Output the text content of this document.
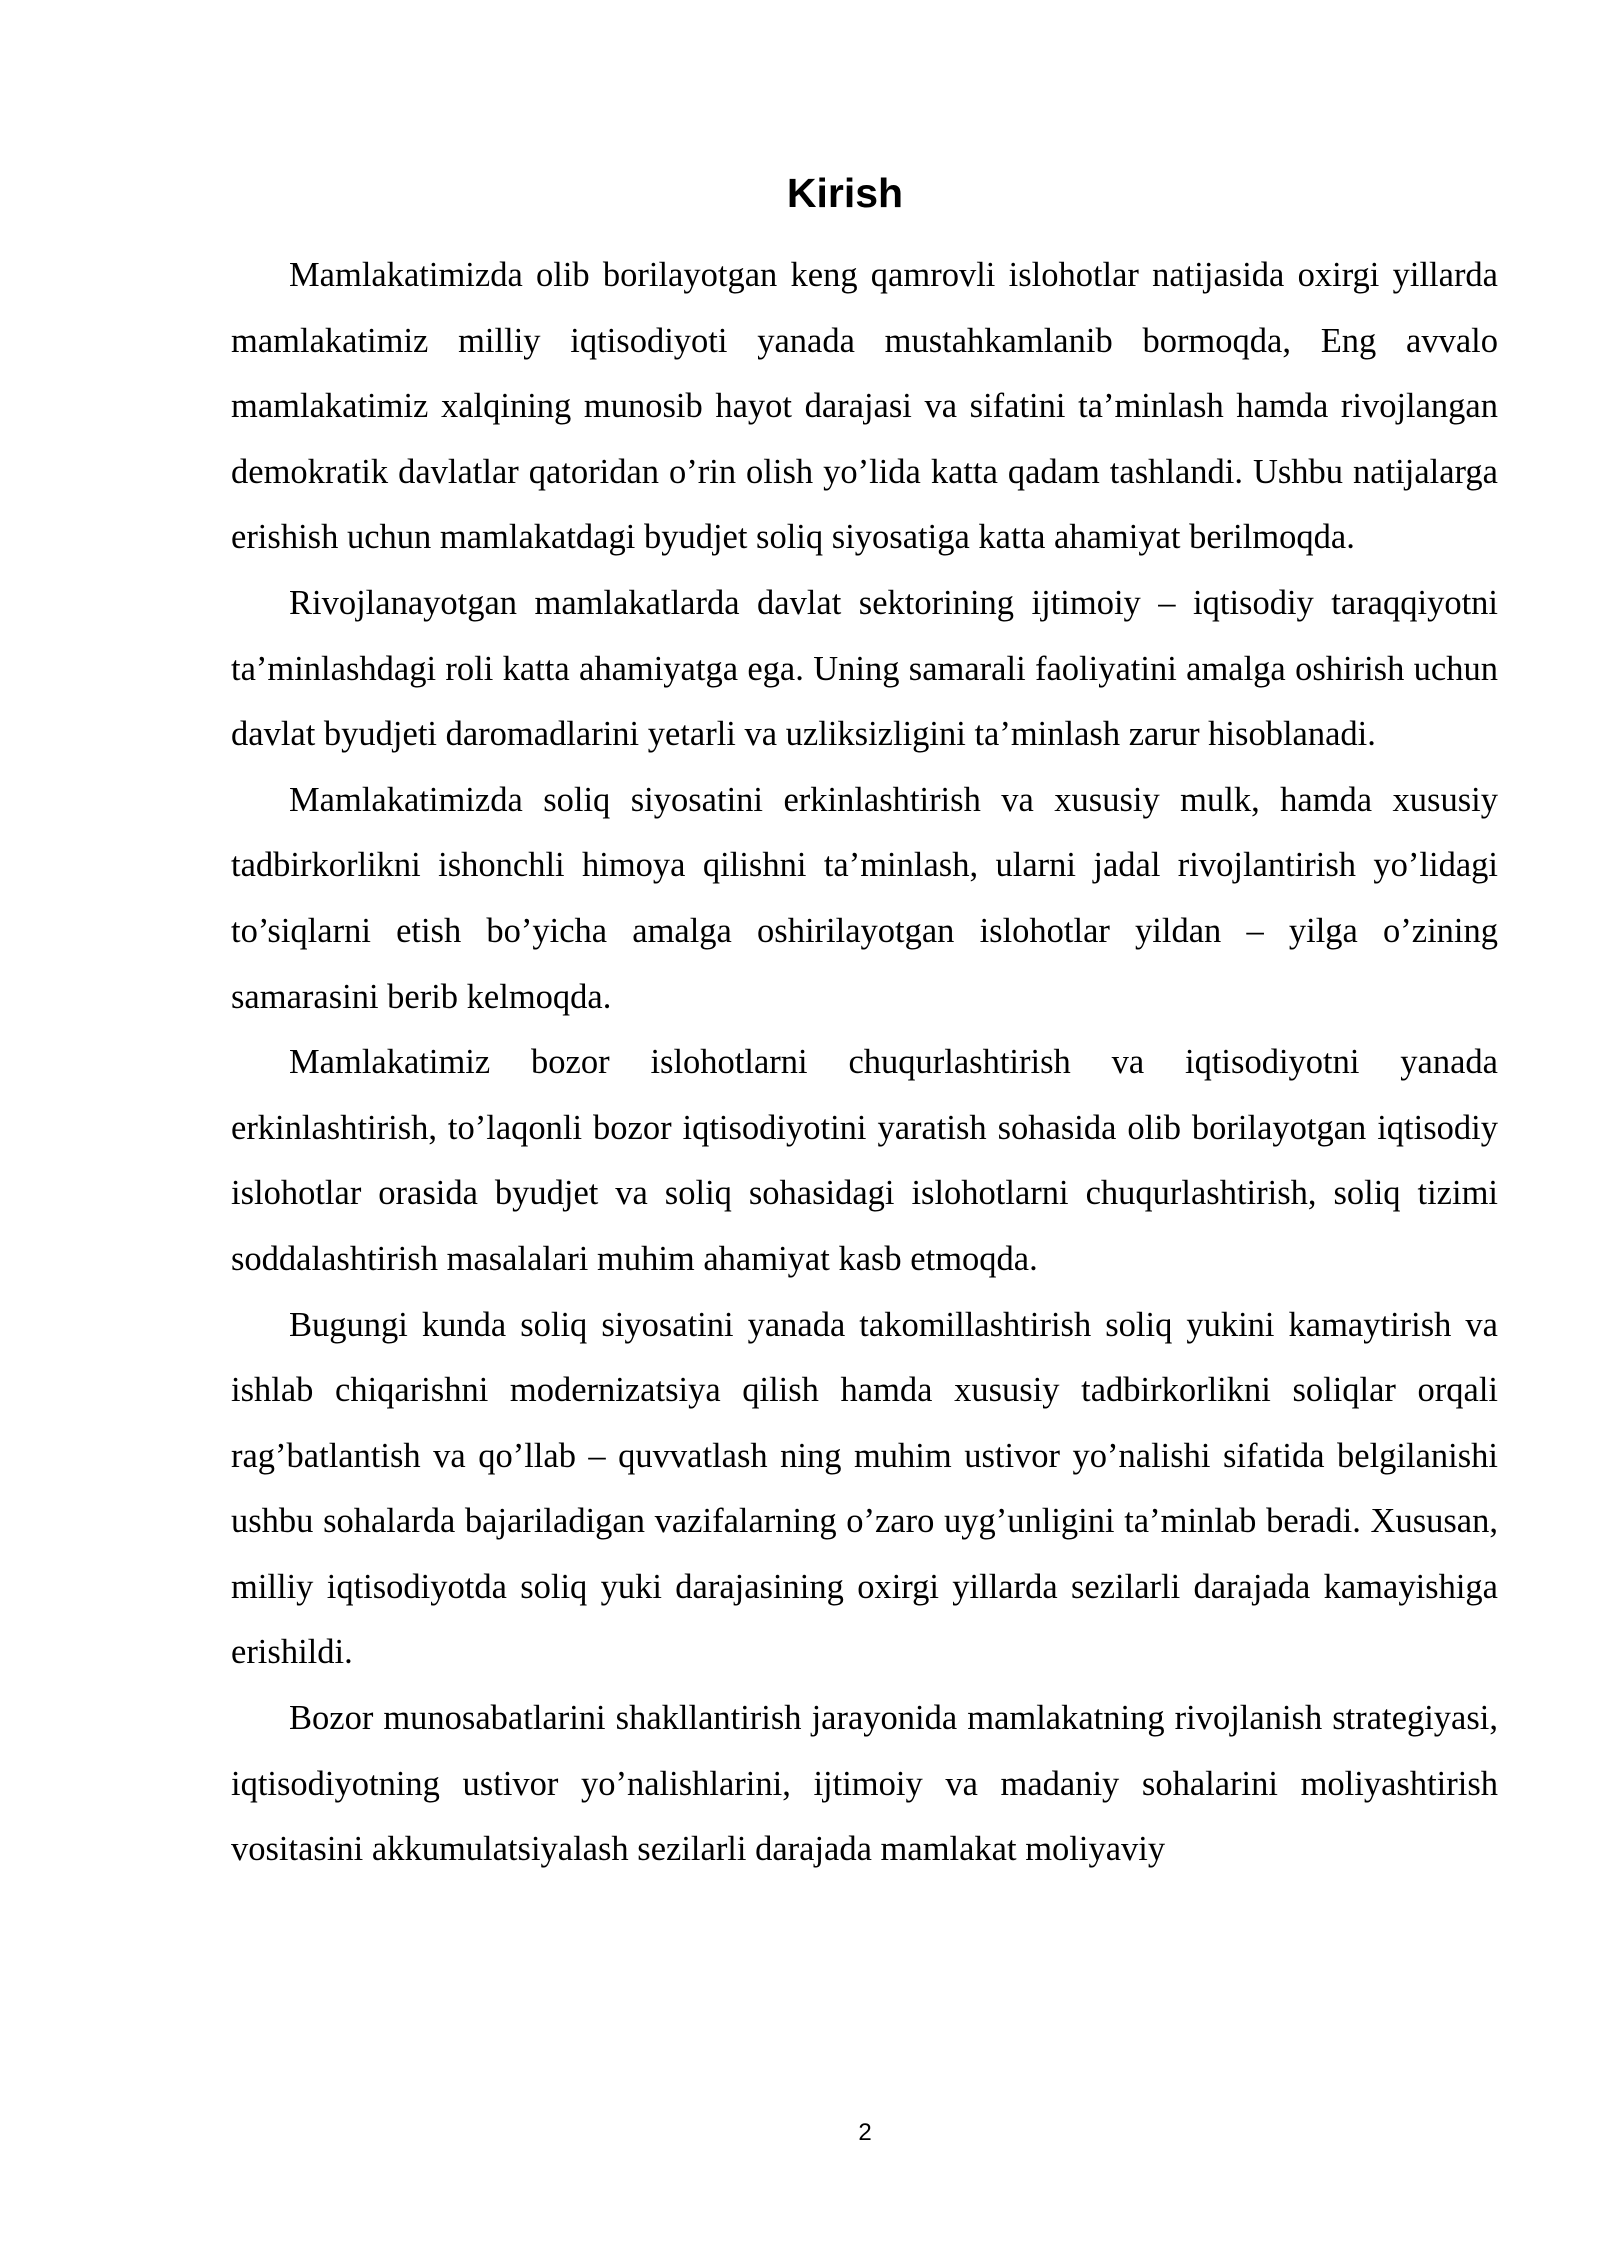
Kirish

Mamlakatimizda olib borilayotgan keng qamrovli islohotlar natijasida oxirgi yillarda mamlakatimiz milliy iqtisodiyoti yanada mustahkamlanib bormoqda, Eng avvalo mamlakatimiz xalqining munosib hayot darajasi va sifatini ta’minlash hamda rivojlangan demokratik davlatlar qatoridan o’rin olish yo’lida katta qadam tashlandi. Ushbu natijalarga erishish uchun mamlakatdagi byudjet soliq siyosatiga katta ahamiyat berilmoqda.

Rivojlanayotgan mamlakatlarda davlat sektorining ijtimoiy – iqtisodiy taraqqiyotni ta’minlashdagi roli katta ahamiyatga ega. Uning samarali faoliyatini amalga oshirish uchun davlat byudjeti daromadlarini yetarli va uzliksizligini ta’minlash zarur hisoblanadi.

Mamlakatimizda soliq siyosatini erkinlashtirish va xususiy mulk, hamda xususiy tadbirkorlikni ishonchli himoya qilishni ta’minlash, ularni jadal rivojlantirish yo’lidagi to’siqlarni etish bo’yicha amalga oshirilayotgan islohotlar yildan – yilga o’zining samarasini berib kelmoqda.

Mamlakatimiz bozor islohotlarni chuqurlashtirish va iqtisodiyotni yanada erkinlashtirish, to’laqonli bozor iqtisodiyotini yaratish sohasida olib borilayotgan iqtisodiy islohotlar orasida byudjet va soliq sohasidagi islohotlarni chuqurlashtirish, soliq tizimi soddalashtirish masalalari muhim ahamiyat kasb etmoqda.

Bugungi kunda soliq siyosatini yanada takomillashtirish soliq yukini kamaytirish va ishlab chiqarishni modernizatsiya qilish hamda xususiy tadbirkorlikni soliqlar orqali rag’batlantish va qo’llab – quvvatlash ning muhim ustivor yo’nalishi sifatida belgilanishi ushbu sohalarda bajariladigan vazifalarning o’zaro uyg’unligini ta’minlab beradi. Xususan, milliy iqtisodiyotda soliq yuki darajasining oxirgi yillarda sezilarli darajada kamayishiga erishildi.

Bozor munosabatlarini shakllantirish jarayonida mamlakatning rivojlanish strategiyasi, iqtisodiyotning ustivor yo’nalishlarini, ijtimoiy va madaniy sohalarini moliyashtirish vositasini akkumulatsiyalash sezilarli darajada mamlakat moliyaviy

2
